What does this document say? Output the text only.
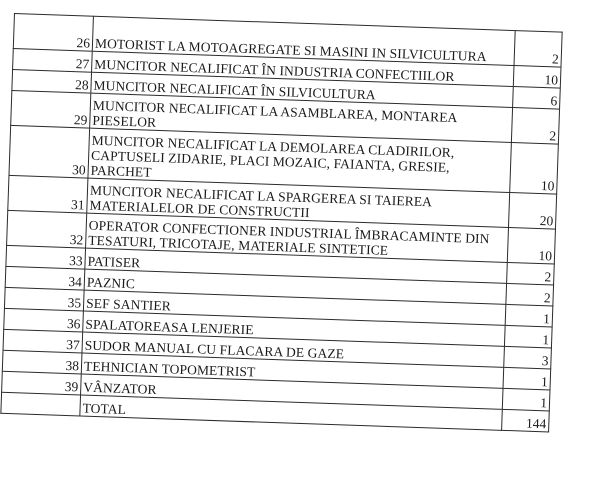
26	MOTORIST LA MOTOAGREGATE SI MASINI IN SILVICULTURA	2
27	MUNCITOR NECALIFICAT ÎN INDUSTRIA CONFECTIILOR	10
28	MUNCITOR NECALIFICAT ÎN SILVICULTURA	6
29	MUNCITOR NECALIFICAT LA ASAMBLAREA, MONTAREA PIESELOR	2
30	MUNCITOR NECALIFICAT LA DEMOLAREA CLADIRILOR, CAPTUSELI ZIDARIE, PLACI MOZAIC, FAIANTA, GRESIE, PARCHET	10
31	MUNCITOR NECALIFICAT LA SPARGEREA SI TAIEREA MATERIALELOR DE CONSTRUCTII	20
32	OPERATOR CONFECTIONER INDUSTRIAL ÎMBRACAMINTE DIN TESATURI, TRICOTAJE, MATERIALE SINTETICE	10
33	PATISER	2
34	PAZNIC	2
35	SEF SANTIER	1
36	SPALATOREASA LENJERIE	1
37	SUDOR MANUAL CU FLACARA DE GAZE	3
38	TEHNICIAN TOPOMETRIST	1
39	VÂNZATOR	1
	TOTAL	144
